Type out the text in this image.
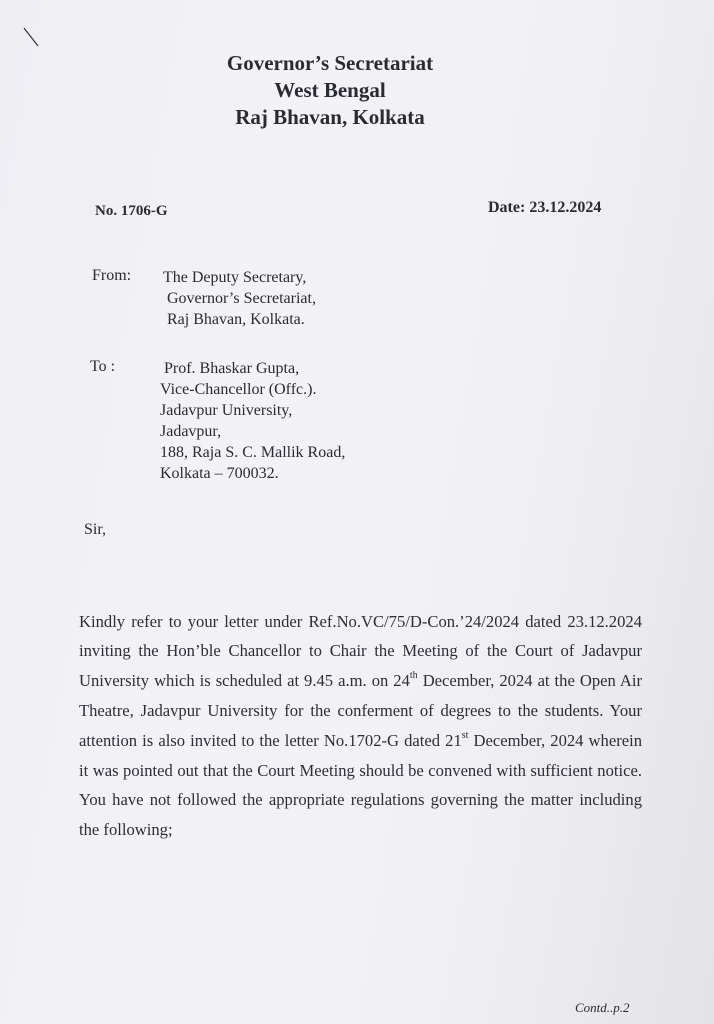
Governor’s Secretariat
West Bengal
Raj Bhavan, Kolkata
No. 1706-G	Date: 23.12.2024
From: The Deputy Secretary,
Governor’s Secretariat,
Raj Bhavan, Kolkata.
To :	Prof. Bhaskar Gupta,
Vice-Chancellor (Offc.).
Jadavpur University,
Jadavpur,
188, Raja S. C. Mallik Road,
Kolkata – 700032.
Sir,

Kindly refer to your letter under Ref.No.VC/75/D-Con.’24/2024 dated 23.12.2024 inviting the Hon’ble Chancellor to Chair the Meeting of the Court of Jadavpur University which is scheduled at 9.45 a.m. on 24th December, 2024 at the Open Air Theatre, Jadavpur University for the conferment of degrees to the students. Your attention is also invited to the letter No.1702-G dated 21st December, 2024 wherein it was pointed out that the Court Meeting should be convened with sufficient notice. You have not followed the appropriate regulations governing the matter including the following;

Contd..p.2
